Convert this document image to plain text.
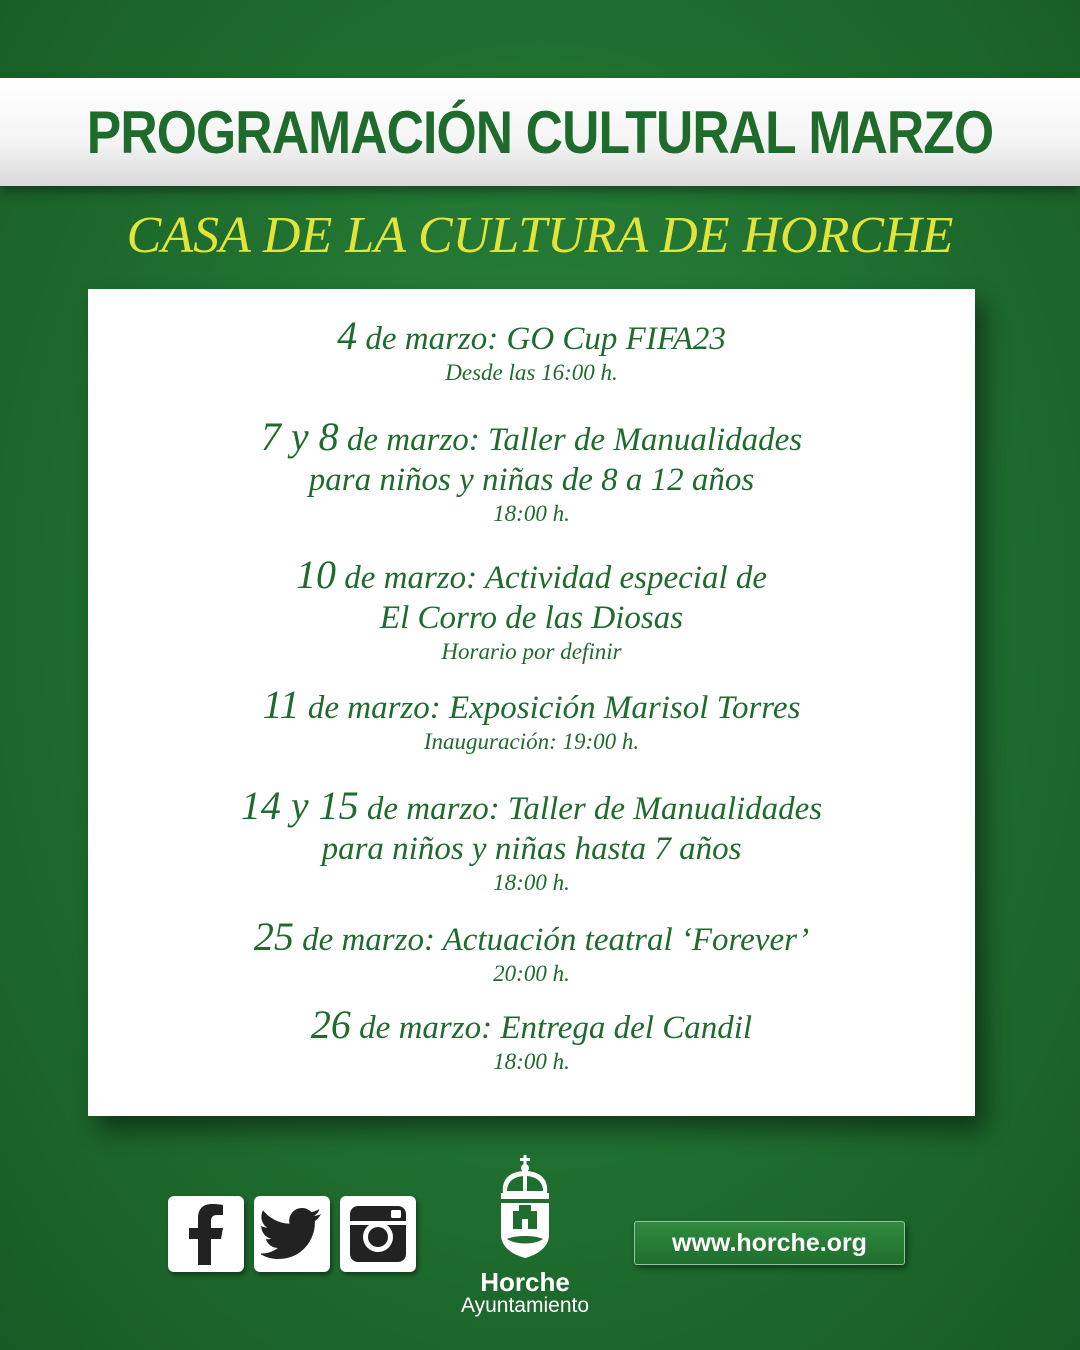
PROGRAMACIÓN CULTURAL MARZO
CASA DE LA CULTURA DE HORCHE
4 de marzo: GO Cup FIFA23
Desde las 16:00 h.
7 y 8 de marzo: Taller de Manualidades
para niños y niñas de 8 a 12 años
18:00 h.
10 de marzo: Actividad especial de
El Corro de las Diosas
Horario por definir
11 de marzo: Exposición Marisol Torres
Inauguración: 19:00 h.
14 y 15 de marzo: Taller de Manualidades
para niños y niñas hasta 7 años
18:00 h.
25 de marzo: Actuación teatral ‘Forever’
20:00 h.
26 de marzo: Entrega del Candil
18:00 h.
Horche
Ayuntamiento
www.horche.org
